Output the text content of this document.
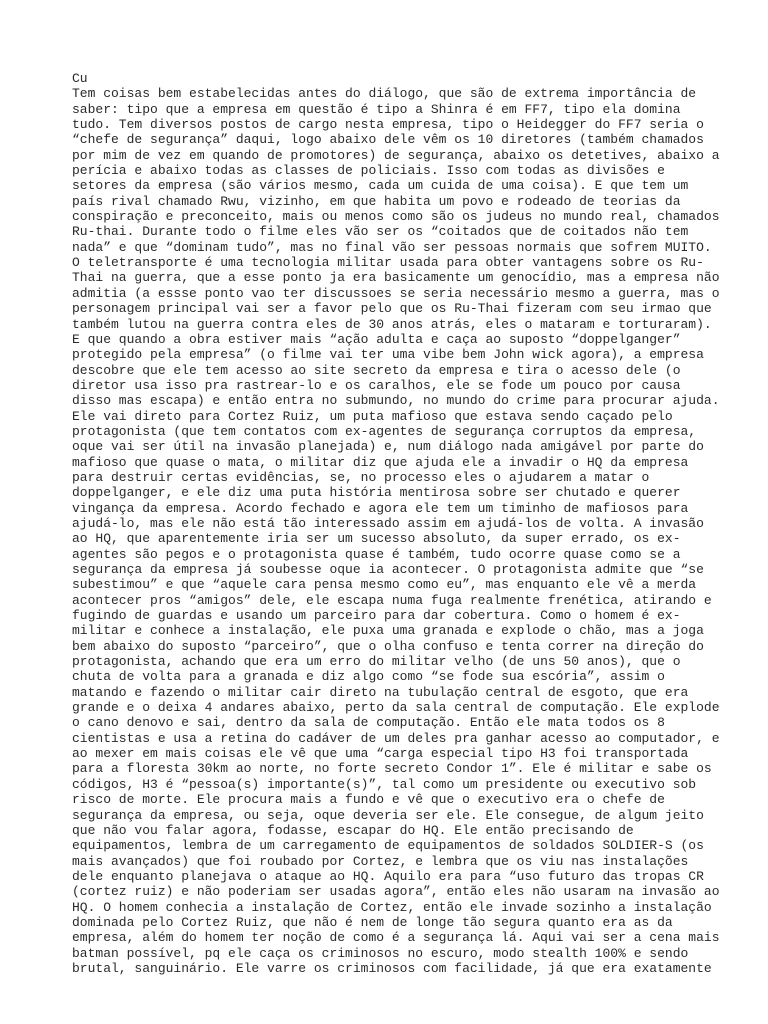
Cu
Tem coisas bem estabelecidas antes do diálogo, que são de extrema importância de
saber: tipo que a empresa em questão é tipo a Shinra é em FF7, tipo ela domina
tudo. Tem diversos postos de cargo nesta empresa, tipo o Heidegger do FF7 seria o
“chefe de segurança” daqui, logo abaixo dele vêm os 10 diretores (também chamados
por mim de vez em quando de promotores) de segurança, abaixo os detetives, abaixo a
perícia e abaixo todas as classes de policiais. Isso com todas as divisões e
setores da empresa (são vários mesmo, cada um cuida de uma coisa). E que tem um
país rival chamado Rwu, vizinho, em que habita um povo e rodeado de teorias da
conspiração e preconceito, mais ou menos como são os judeus no mundo real, chamados
Ru-thai. Durante todo o filme eles vão ser os “coitados que de coitados não tem
nada” e que “dominam tudo”, mas no final vão ser pessoas normais que sofrem MUITO.
O teletransporte é uma tecnologia militar usada para obter vantagens sobre os Ru-
Thai na guerra, que a esse ponto ja era basicamente um genocídio, mas a empresa não
admitia (a essse ponto vao ter discussoes se seria necessário mesmo a guerra, mas o
personagem principal vai ser a favor pelo que os Ru-Thai fizeram com seu irmao que
também lutou na guerra contra eles de 30 anos atrás, eles o mataram e torturaram).
E que quando a obra estiver mais “ação adulta e caça ao suposto “doppelganger”
protegido pela empresa” (o filme vai ter uma vibe bem John wick agora), a empresa
descobre que ele tem acesso ao site secreto da empresa e tira o acesso dele (o
diretor usa isso pra rastrear-lo e os caralhos, ele se fode um pouco por causa
disso mas escapa) e então entra no submundo, no mundo do crime para procurar ajuda.
Ele vai direto para Cortez Ruiz, um puta mafioso que estava sendo caçado pelo
protagonista (que tem contatos com ex-agentes de segurança corruptos da empresa,
oque vai ser útil na invasão planejada) e, num diálogo nada amigável por parte do
mafioso que quase o mata, o militar diz que ajuda ele a invadir o HQ da empresa
para destruir certas evidências, se, no processo eles o ajudarem a matar o
doppelganger, e ele diz uma puta história mentirosa sobre ser chutado e querer
vingança da empresa. Acordo fechado e agora ele tem um timinho de mafiosos para
ajudá-lo, mas ele não está tão interessado assim em ajudá-los de volta. A invasão
ao HQ, que aparentemente iria ser um sucesso absoluto, da super errado, os ex-
agentes são pegos e o protagonista quase é também, tudo ocorre quase como se a
segurança da empresa já soubesse oque ia acontecer. O protagonista admite que “se
subestimou” e que “aquele cara pensa mesmo como eu”, mas enquanto ele vê a merda
acontecer pros “amigos” dele, ele escapa numa fuga realmente frenética, atirando e
fugindo de guardas e usando um parceiro para dar cobertura. Como o homem é ex-
militar e conhece a instalação, ele puxa uma granada e explode o chão, mas a joga
bem abaixo do suposto “parceiro”, que o olha confuso e tenta correr na direção do
protagonista, achando que era um erro do militar velho (de uns 50 anos), que o
chuta de volta para a granada e diz algo como “se fode sua escória”, assim o
matando e fazendo o militar cair direto na tubulação central de esgoto, que era
grande e o deixa 4 andares abaixo, perto da sala central de computação. Ele explode
o cano denovo e sai, dentro da sala de computação. Então ele mata todos os 8
cientistas e usa a retina do cadáver de um deles pra ganhar acesso ao computador, e
ao mexer em mais coisas ele vê que uma “carga especial tipo H3 foi transportada
para a floresta 30km ao norte, no forte secreto Condor 1”. Ele é militar e sabe os
códigos, H3 é “pessoa(s) importante(s)”, tal como um presidente ou executivo sob
risco de morte. Ele procura mais a fundo e vê que o executivo era o chefe de
segurança da empresa, ou seja, oque deveria ser ele. Ele consegue, de algum jeito
que não vou falar agora, fodasse, escapar do HQ. Ele então precisando de
equipamentos, lembra de um carregamento de equipamentos de soldados SOLDIER-S (os
mais avançados) que foi roubado por Cortez, e lembra que os viu nas instalações
dele enquanto planejava o ataque ao HQ. Aquilo era para “uso futuro das tropas CR
(cortez ruiz) e não poderiam ser usadas agora”, então eles não usaram na invasão ao
HQ. O homem conhecia a instalação de Cortez, então ele invade sozinho a instalação
dominada pelo Cortez Ruiz, que não é nem de longe tão segura quanto era as da
empresa, além do homem ter noção de como é a segurança lá. Aqui vai ser a cena mais
batman possível, pq ele caça os criminosos no escuro, modo stealth 100% e sendo
brutal, sanguinário. Ele varre os criminosos com facilidade, já que era exatamente
